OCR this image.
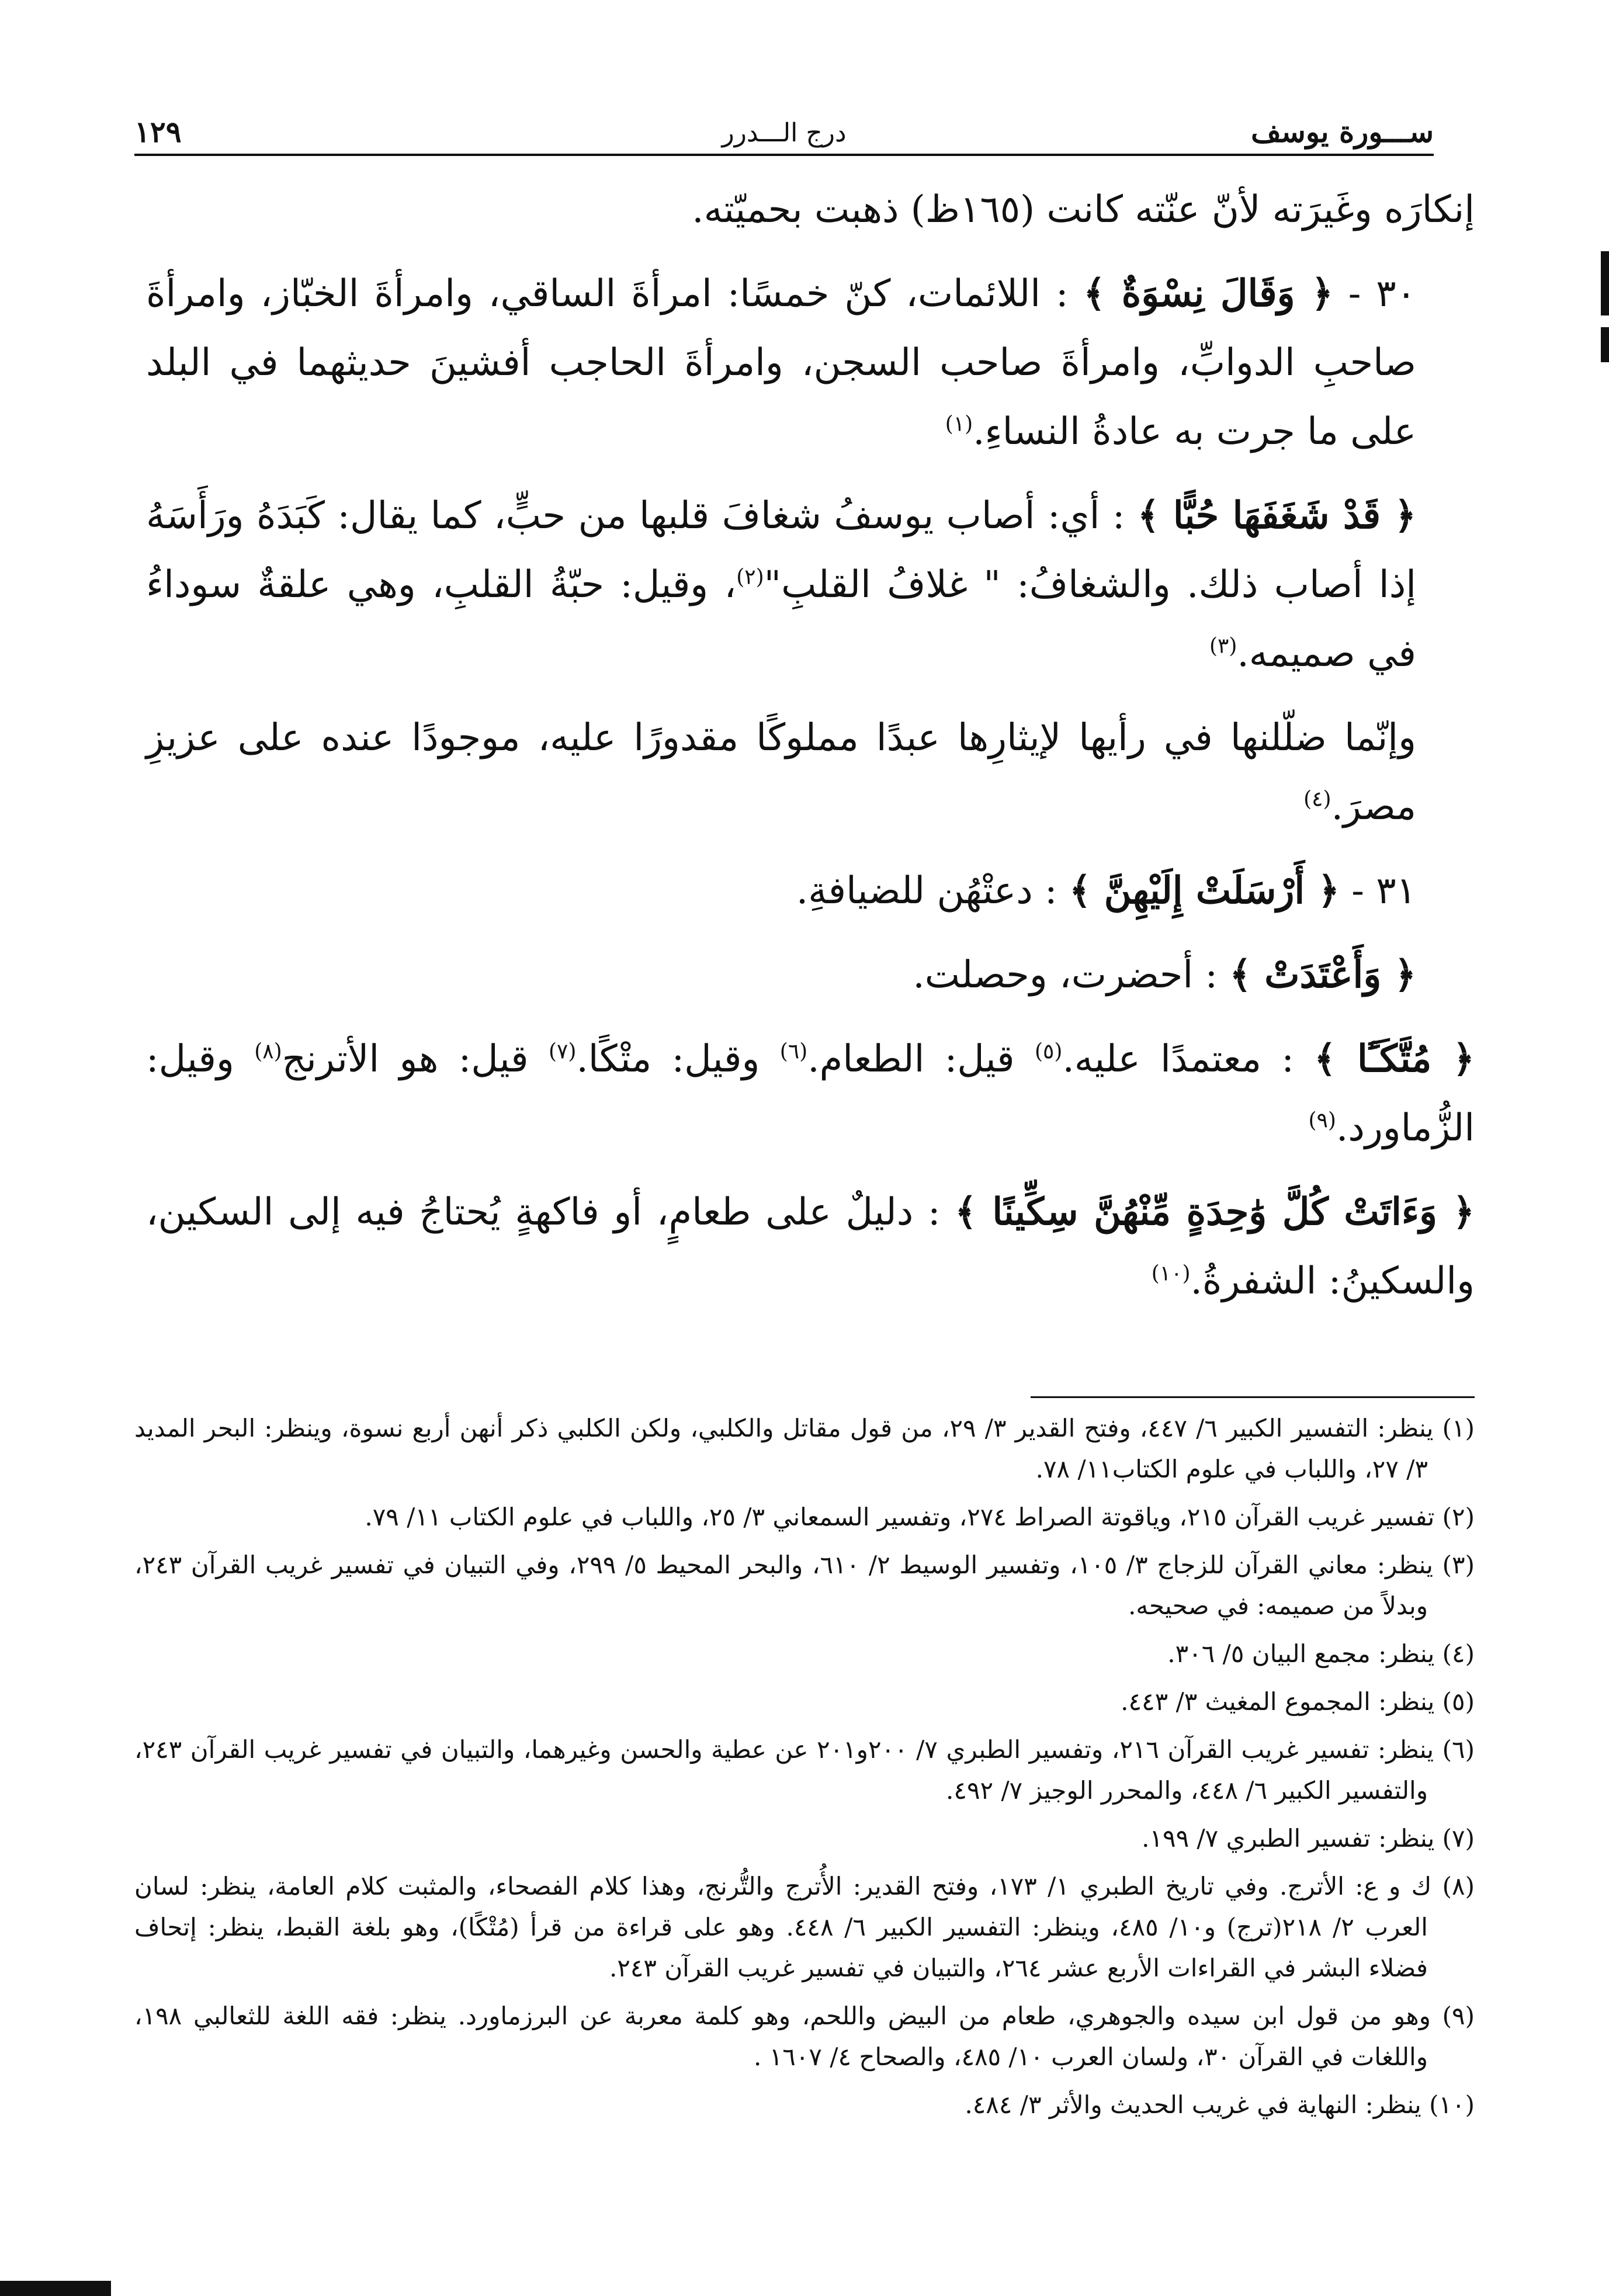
ســـورة يوسف
درج الـــدرر
١٢٩

إنكارَه وغَيرَته لأنّ عنّته كانت (١٦٥ظ) ذهبت بحميّته.

٣٠ - ﴿ وَقَالَ نِسْوَةٌ ﴾ : اللائمات، كنّ خمسًا: امرأةَ الساقي، وامرأةَ الخبّاز، وامرأةَ صاحبِ الدوابِّ، وامرأةَ صاحب السجن، وامرأةَ الحاجب أفشينَ حديثهما في البلد على ما جرت به عادةُ النساءِ.$^{(١)}$

﴿ قَدْ شَغَفَهَا حُبًّا ﴾ : أي: أصاب يوسفُ شغافَ قلبها من حبٍّ، كما يقال: كَبَدَهُ ورَأَسَهُ إذا أصاب ذلك. والشغافُ: " غلافُ القلبِ"$^{(٢)}$، وقيل: حبّةُ القلبِ، وهي علقةٌ سوداءُ في صميمه.$^{(٣)}$

وإنّما ضلّلنها في رأيها لإيثارِها عبدًا مملوكًا مقدورًا عليه، موجودًا عنده على عزيزِ مصرَ.$^{(٤)}$

٣١ - ﴿ أَرْسَلَتْ إِلَيْهِنَّ ﴾ : دعتْهُن للضيافةِ.

﴿ وَأَعْتَدَتْ ﴾ : أحضرت، وحصلت.

﴿ مُتَّكَـًٔا ﴾ : معتمدًا عليه.$^{(٥)}$ قيل: الطعام.$^{(٦)}$ وقيل: متْكًا.$^{(٧)}$ قيل: هو الأترنج$^{(٨)}$ وقيل: الزُّماورد.$^{(٩)}$

﴿ وَءَاتَتْ كُلَّ وَٰحِدَةٍ مِّنْهُنَّ سِكِّينًا ﴾ : دليلٌ على طعامٍ، أو فاكهةٍ يُحتاجُ فيه إلى السكين، والسكينُ: الشفرةُ.$^{(١٠)}$

(١) ينظر: التفسير الكبير ٦/ ٤٤٧، وفتح القدير ٣/ ٢٩، من قول مقاتل والكلبي، ولكن الكلبي ذكر أنهن أربع نسوة، وينظر: البحر المديد ٣/ ٢٧، واللباب في علوم الكتاب١١/ ٧٨.
(٢) تفسير غريب القرآن ٢١٥، وياقوتة الصراط ٢٧٤، وتفسير السمعاني ٣/ ٢٥، واللباب في علوم الكتاب ١١/ ٧٩.
(٣) ينظر: معاني القرآن للزجاج ٣/ ١٠٥، وتفسير الوسيط ٢/ ٦١٠، والبحر المحيط ٥/ ٢٩٩، وفي التبيان في تفسير غريب القرآن ٢٤٣، وبدلاً من صميمه: في صحيحه.
(٤) ينظر: مجمع البيان ٥/ ٣٠٦.
(٥) ينظر: المجموع المغيث ٣/ ٤٤٣.
(٦) ينظر: تفسير غريب القرآن ٢١٦، وتفسير الطبري ٧/ ٢٠٠و٢٠١ عن عطية والحسن وغيرهما، والتبيان في تفسير غريب القرآن ٢٤٣، والتفسير الكبير ٦/ ٤٤٨، والمحرر الوجيز ٧/ ٤٩٢.
(٧) ينظر: تفسير الطبري ٧/ ١٩٩.
(٨) ك و ع: الأترج. وفي تاريخ الطبري ١/ ١٧٣، وفتح القدير: الأُترج والتُّرنج، وهذا كلام الفصحاء، والمثبت كلام العامة، ينظر: لسان العرب ٢/ ٢١٨(ترج) و١٠/ ٤٨٥، وينظر: التفسير الكبير ٦/ ٤٤٨. وهو على قراءة من قرأ (مُتْكًا)، وهو بلغة القبط، ينظر: إتحاف فضلاء البشر في القراءات الأربع عشر ٢٦٤، والتبيان في تفسير غريب القرآن ٢٤٣.
(٩) وهو من قول ابن سيده والجوهري، طعام من البيض واللحم، وهو كلمة معربة عن البرزماورد. ينظر: فقه اللغة للثعالبي ١٩٨، واللغات في القرآن ٣٠، ولسان العرب ١٠/ ٤٨٥، والصحاح ٤/ ١٦٠٧ .
(١٠) ينظر: النهاية في غريب الحديث والأثر ٣/ ٤٨٤.
